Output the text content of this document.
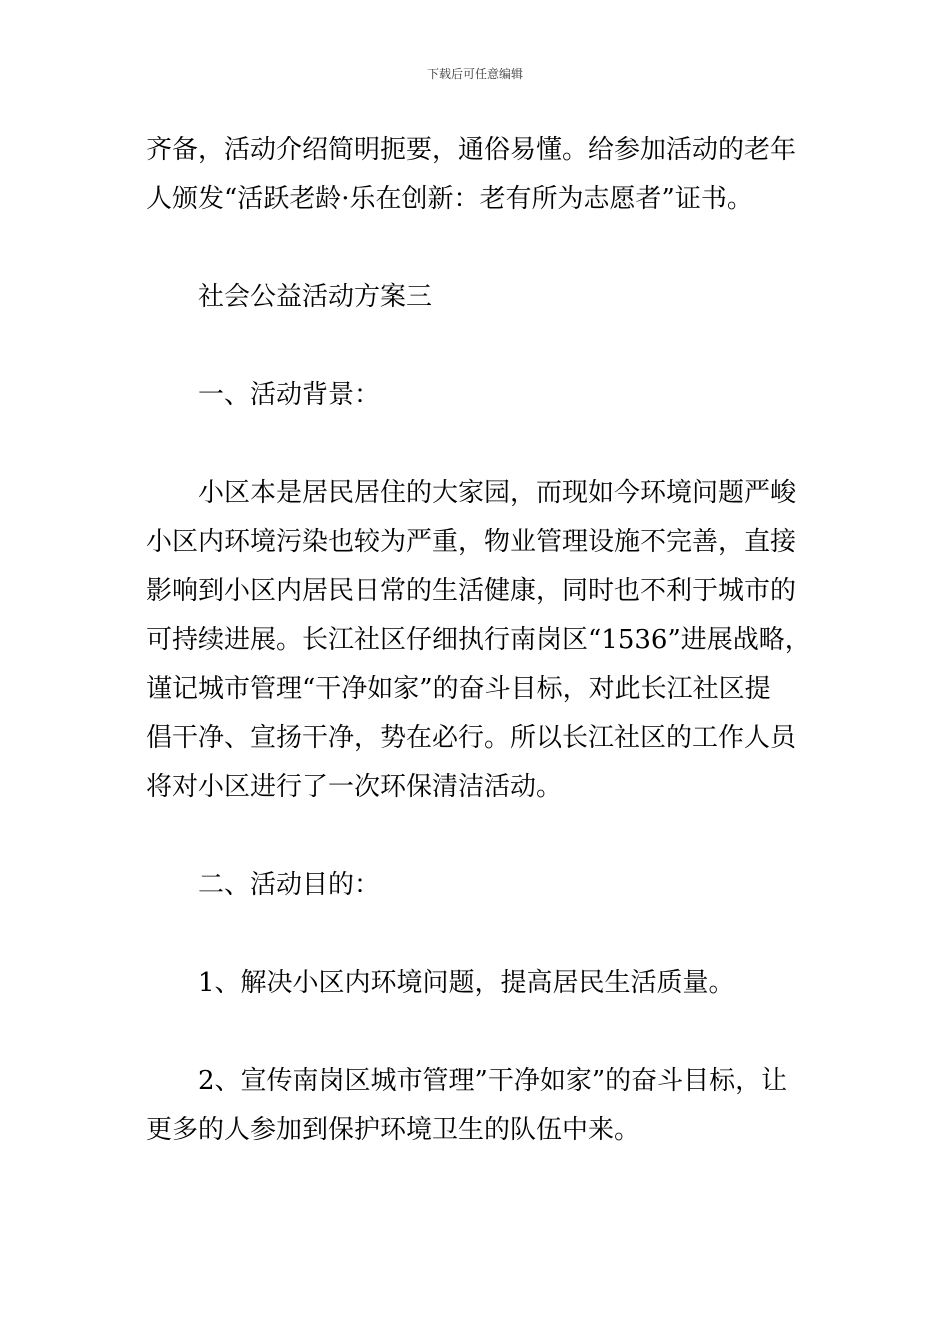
下载后可任意编辑
齐备，活动介绍简明扼要，通俗易懂。给参加活动的老年
人颁发“活跃老龄·乐在创新：老有所为志愿者”证书。
社会公益活动方案三
一、活动背景：
小区本是居民居住的大家园，而现如今环境问题严峻
小区内环境污染也较为严重，物业管理设施不完善，直接
影响到小区内居民日常的生活健康，同时也不利于城市的
可持续进展。长江社区仔细执行南岗区“1536”进展战略，
谨记城市管理“干净如家”的奋斗目标，对此长江社区提
倡干净、宣扬干净，势在必行。所以长江社区的工作人员
将对小区进行了一次环保清洁活动。
二、活动目的：
1、解决小区内环境问题，提高居民生活质量。
2、宣传南岗区城市管理”干净如家”的奋斗目标，让
更多的人参加到保护环境卫生的队伍中来。
